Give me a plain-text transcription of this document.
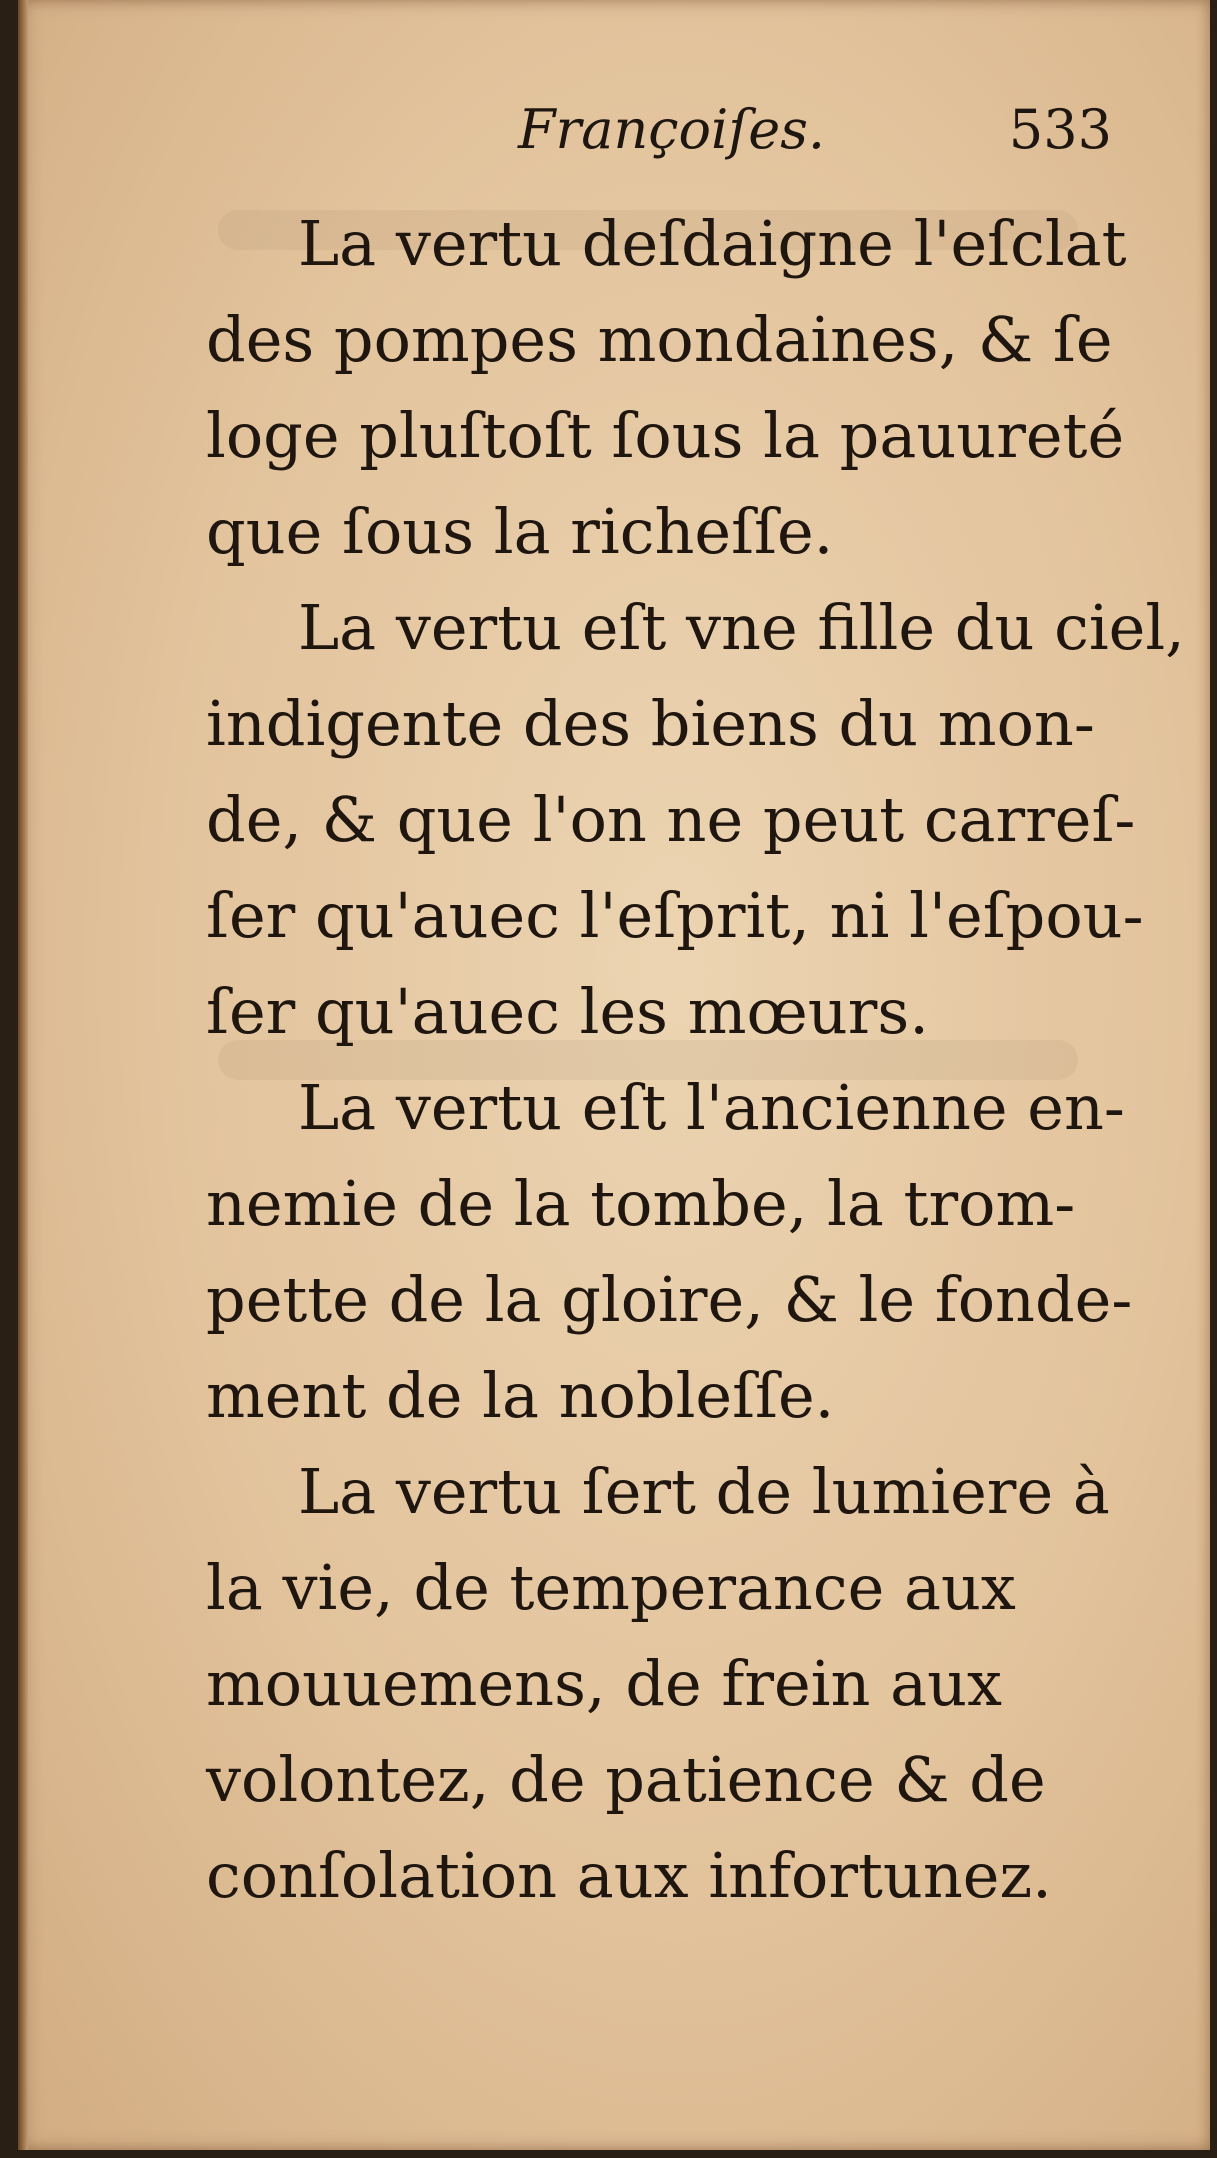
Françoiſes.	533

La vertu deſdaigne l'eſclat
des pompes mondaines, & ſe
loge pluſtoſt ſous la pauureté
que ſous la richeſſe.

La vertu eſt vne fille du ciel,
indigente des biens du mon-
de, & que l'on ne peut carreſ-
ſer qu'auec l'eſprit, ni l'eſpou-
ſer qu'auec les mœurs.

La vertu eſt l'ancienne en-
nemie de la tombe, la trom-
pette de la gloire, & le fonde-
ment de la nobleſſe.

La vertu ſert de lumiere à
la vie, de temperance aux
mouuemens, de frein aux
volontez, de patience & de
conſolation aux infortunez.
